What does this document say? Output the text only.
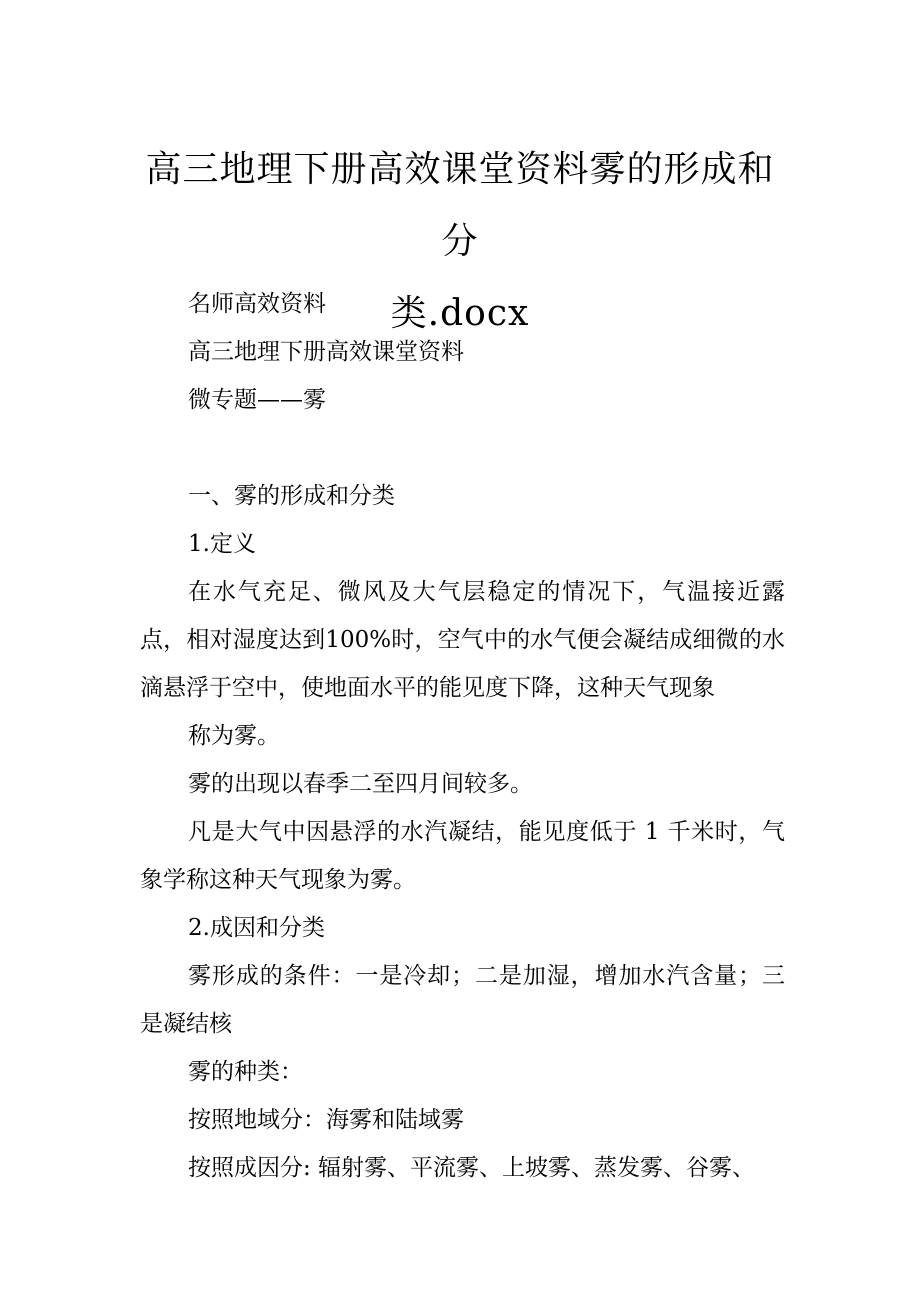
高三地理下册高效课堂资料雾的形成和分
类.docx

名师高效资料

高三地理下册高效课堂资料

微专题——雾

一、雾的形成和分类

1.定义

在水气充足、微风及大气层稳定的情况下，气温接近露点，相对湿度达到100%时，空气中的水气便会凝结成细微的水滴悬浮于空中，使地面水平的能见度下降，这种天气现象

称为雾。

雾的出现以春季二至四月间较多。

凡是大气中因悬浮的水汽凝结，能见度低于 1 千米时，气象学称这种天气现象为雾。

2.成因和分类

雾形成的条件：一是冷却；二是加湿，增加水汽含量；三是凝结核

雾的种类：

按照地域分：海雾和陆域雾

按照成因分: 辐射雾、平流雾、上坡雾、蒸发雾、谷雾、
